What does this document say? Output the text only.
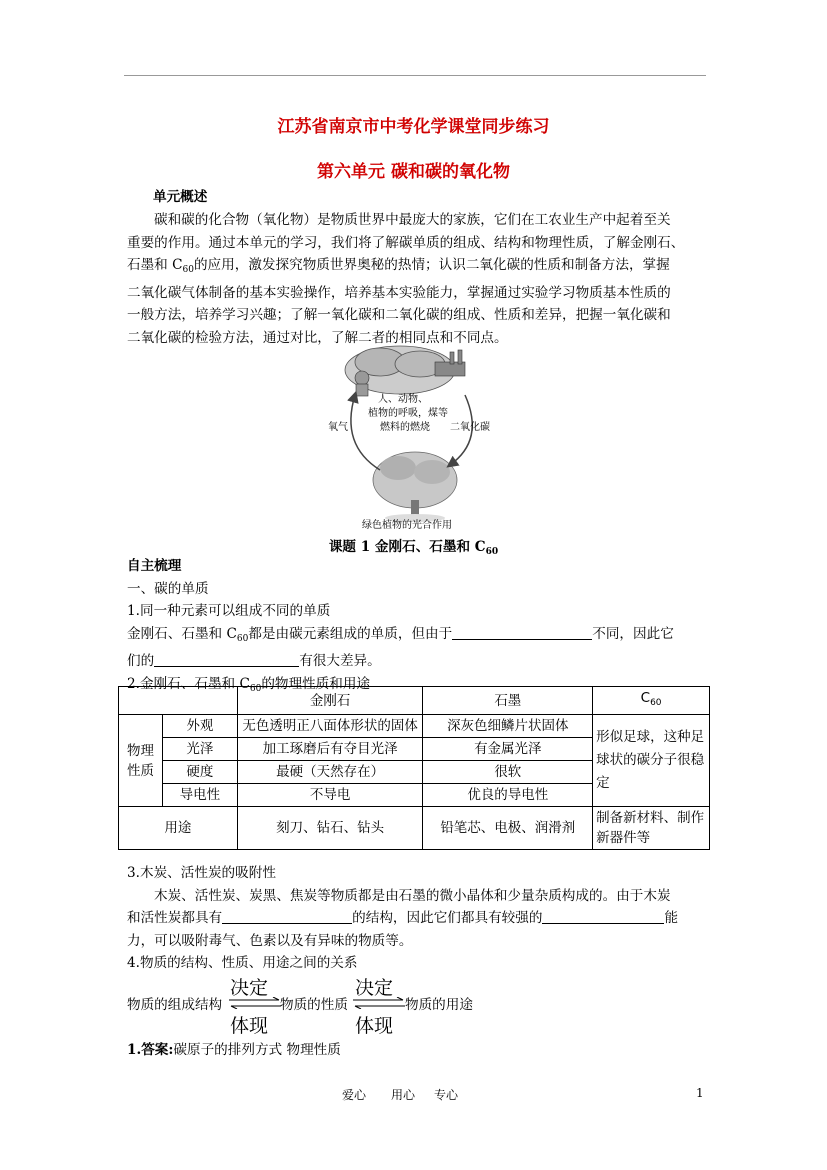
江苏省南京市中考化学课堂同步练习
第六单元 碳和碳的氧化物
单元概述
碳和碳的化合物（氧化物）是物质世界中最庞大的家族，它们在工农业生产中起着至关
重要的作用。通过本单元的学习，我们将了解碳单质的组成、结构和物理性质，了解金刚石、
石墨和 $C_{60}$的应用，激发探究物质世界奥秘的热情；认识二氧化碳的性质和制备方法，掌握
二氧化碳气体制备的基本实验操作，培养基本实验能力，掌握通过实验学习物质基本性质的
一般方法，培养学习兴趣；了解一氧化碳和二氧化碳的组成、性质和差异，把握一氧化碳和
二氧化碳的检验方法，通过对比，了解二者的相同点和不同点。
人、动物、
植物的呼吸，煤等
燃料的燃烧
氧气	二氧化碳
绿色植物的光合作用
课题 1 金刚石、石墨和 $C_{60}$
自主梳理
一、碳的单质
1.同一种元素可以组成不同的单质
金刚石、石墨和 $C_{60}$都是由碳元素组成的单质，但由于	不同，因此它
们的	有很大差异。
2.金刚石、石墨和 $C_{60}$的物理性质和用途
		金刚石	石墨	$C_{60}$
物理
性质	外观	无色透明正八面体形状的固体	深灰色细鳞片状固体	形似足球，这种足球状的碳分子很稳定
	光泽	加工琢磨后有夺目光泽	有金属光泽	
	硬度	最硬（天然存在）	很软	
	导电性	不导电	优良的导电性	
用途		刻刀、钻石、钻头	铅笔芯、电极、润滑剂	制备新材料、制作新器件等
3.木炭、活性炭的吸附性
木炭、活性炭、炭黑、焦炭等物质都是由石墨的微小晶体和少量杂质构成的。由于木炭
和活性炭都具有	的结构，因此它们都具有较强的	能
力，可以吸附毒气、色素以及有异味的物质等。
4.物质的结构、性质、用途之间的关系
物质的组成结构
决定
体现
物质的性质
决定
体现
物质的用途
1.答案:碳原子的排列方式 物理性质
爱心 用心 专心	1
